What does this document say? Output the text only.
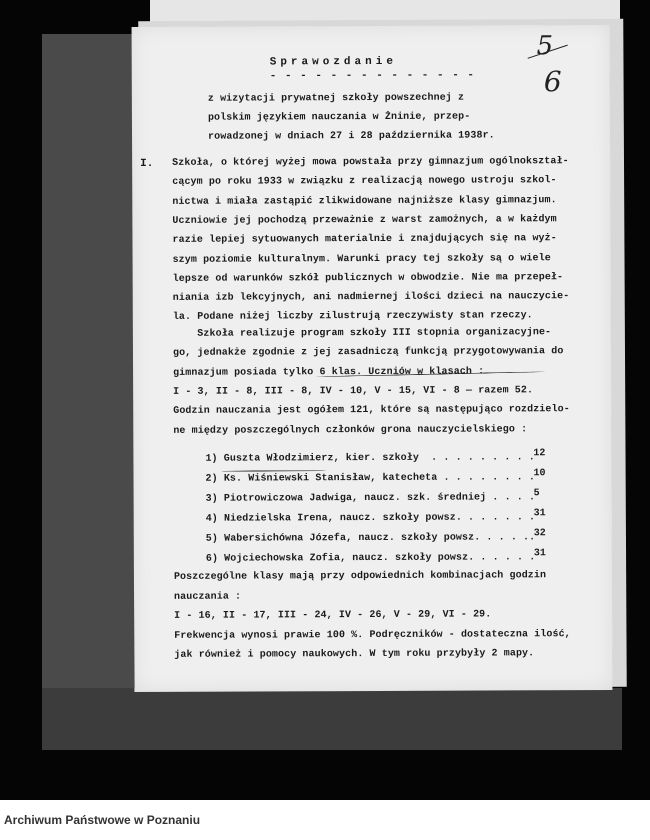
5
6
Sprawozdanie
- - - - - - - - - - - - - -
z wizytacji prywatnej szkoły powszechnej z
polskim językiem nauczania w Żninie, przep-
rowadzonej w dniach 27 i 28 października 1938r.
I. Szkoła, o której wyżej mowa powstała przy gimnazjum ogólnokształ-
cącym po roku 1933 w związku z realizacją nowego ustroju szkol-
nictwa i miała zastąpić zlikwidowane najniższe klasy gimnazjum.
Uczniowie jej pochodzą przeważnie z warst zamożnych, a w każdym
razie lepiej sytuowanych materialnie i znajdujących się na wyż-
szym poziomie kulturalnym. Warunki pracy tej szkoły są o wiele
lepsze od warunków szkół publicznych w obwodzie. Nie ma przepeł-
niania izb lekcyjnych, ani nadmiernej ilości dzieci na nauczycie-
la. Podane niżej liczby zilustrują rzeczywisty stan rzeczy.
Szkoła realizuje program szkoły III stopnia organizacyjne-
go, jednakże zgodnie z jej zasadniczą funkcją przygotowywania do
gimnazjum posiada tylko 6 klas. Uczniów w klasach :
I - 3, II - 8, III - 8, IV - 10, V - 15, VI - 8 — razem 52.
Godzin nauczania jest ogółem 121, które są następująco rozdzielo-
ne między poszczególnych członków grona nauczycielskiego :
1) Guszta Włodzimierz, kier. szkoły  . . . . . . . . .
12
2) Ks. Wiśniewski Stanisław, katecheta . . . . . . . .
10
3) Piotrowiczowa Jadwiga, naucz. szk. średniej . . . .
5
4) Niedzielska Irena, naucz. szkoły powsz. . . . . . .
31
5) Wabersichówna Józefa, naucz. szkoły powsz. . . . ..
32
6) Wojciechowska Zofia, naucz. szkoły powsz. . . . . .
31
Poszczególne klasy mają przy odpowiednich kombinacjach godzin
nauczania :
I - 16, II - 17, III - 24, IV - 26, V - 29, VI - 29.
Frekwencja wynosi prawie 100 %. Podręczników - dostateczna ilość,
jak również i pomocy naukowych. W tym roku przybyły 2 mapy.
Archiwum Państwowe w Poznaniu
